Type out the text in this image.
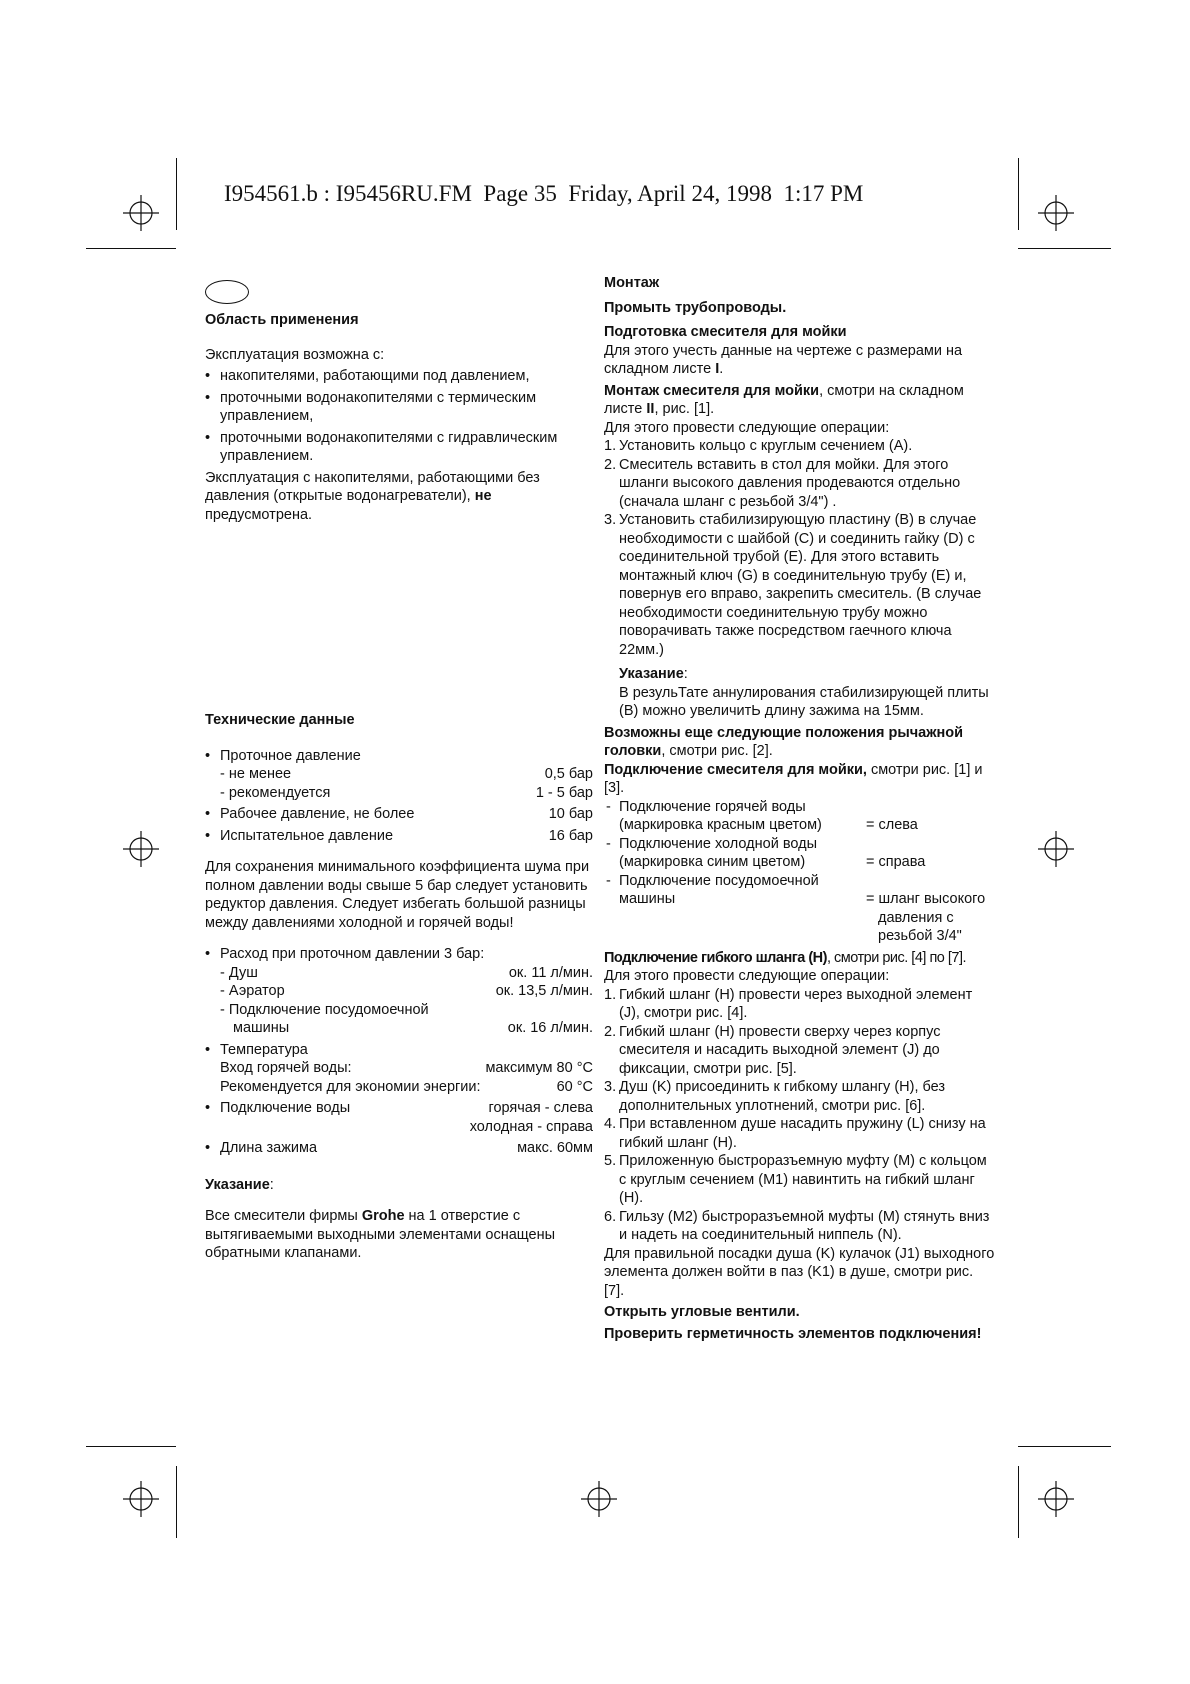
I954561.b : I95456RU.FM  Page 35  Friday, April 24, 1998  1:17 PM

Область применения

Эксплуатация возможна с:

• накопителями, работающими под давлением,

• проточными водонакопителями с термическим управлением,

• проточными водонакопителями с гидравлическим управлением.

Эксплуатация с накопителями, работающими без давления (открытые водонагреватели), не предусмотрена.

Технические данные

• Проточное давление

- не менее	0,5 бар
- рекомендуется	1 - 5 бар
• Рабочее давление, не более	10 бар
• Испытательное давление	16 бар

Для сохранения минимального коэффициента шума при полном давлении воды свыше 5 бар следует установить редуктор давления. Следует избегать большой разницы между давлениями холодной и горячей воды!

• Расход при проточном давлении 3 бар:

- Душ	ок. 11 л/мин.
- Аэратор	ок. 13,5 л/мин.

- Подключение посудомоечной

машины	ок. 16 л/мин.

• Температура

Вход горячей воды:	максимум 80 °C
Рекомендуется для экономии энергии:	60 °C
• Подключение воды	горячая - слева
холодная - справа
• Длина зажима	макс. 60мм

Указание:

Все смесители фирмы Grohe на 1 отверстие с вытягиваемыми выходными элементами оснащены обратными клапанами.

Монтаж

Промыть трубопроводы.

Подготовка смесителя для мойки

Для этого учесть данные на чертеже с размерами на складном листе I.

Монтаж смесителя для мойки, смотри на складном листе II, рис. [1].

Для этого провести следующие операции:

1. Установить кольцо с круглым сечением (A).

2. Смеситель вставить в стол для мойки. Для этого шланги высокого давления продеваются отдельно (сначала шланг с резьбой 3/4") .

3. Установить стабилизирующую пластину (B) в случае необходимости с шайбой (C) и соединить гайку (D) с соединительной трубой (E). Для этого вставить монтажный ключ (G) в соединительную трубу (E) и, повернув его вправо, закрепить смеситель. (В случае необходимости соединительную трубу можно поворачивать также посредством гаечного ключа 22мм.)

Указание:

В резульТате аннулирования стабилизирующей плиты (B) можно увеличитЬ длину зажима на 15мм.

Возможны еще следующие положения рычажной головки, смотри рис. [2].

Подключение смесителя для мойки, смотри рис. [1] и [3].

- Подключение горячей воды
(маркировка красным цветом)	= слева
- Подключение холодной воды
(маркировка синим цветом)	= справа
- Подключение посудомоечной
машины	= шланг высокого
давления с
резьбой 3/4"

Подключение гибкого шланга (H), смотри рис. [4] по [7].

Для этого провести следующие операции:

1. Гибкий шланг (H) провести через выходной элемент (J), смотри рис. [4].

2. Гибкий шланг (H) провести сверху через корпус смесителя и насадить выходной элемент (J) до фиксации, смотри рис. [5].

3. Душ (K) присоединить к гибкому шлангу (H), без дополнительных уплотнений, смотри рис. [6].

4. При вставленном душе насадить пружину (L) снизу на гибкий шланг (H).

5. Приложенную быстроразъемную муфту (M) с кольцом с круглым сечением (M1) навинтить на гибкий шланг (H).

6. Гильзу (M2) быстроразъемной муфты (M) стянуть вниз и надеть на соединительный ниппель (N).

Для правильной посадки душа (K) кулачок (J1) выходного элемента должен войти в паз (K1) в душе, смотри рис. [7].

Открыть угловые вентили.

Проверить герметичность элементов подключения!
